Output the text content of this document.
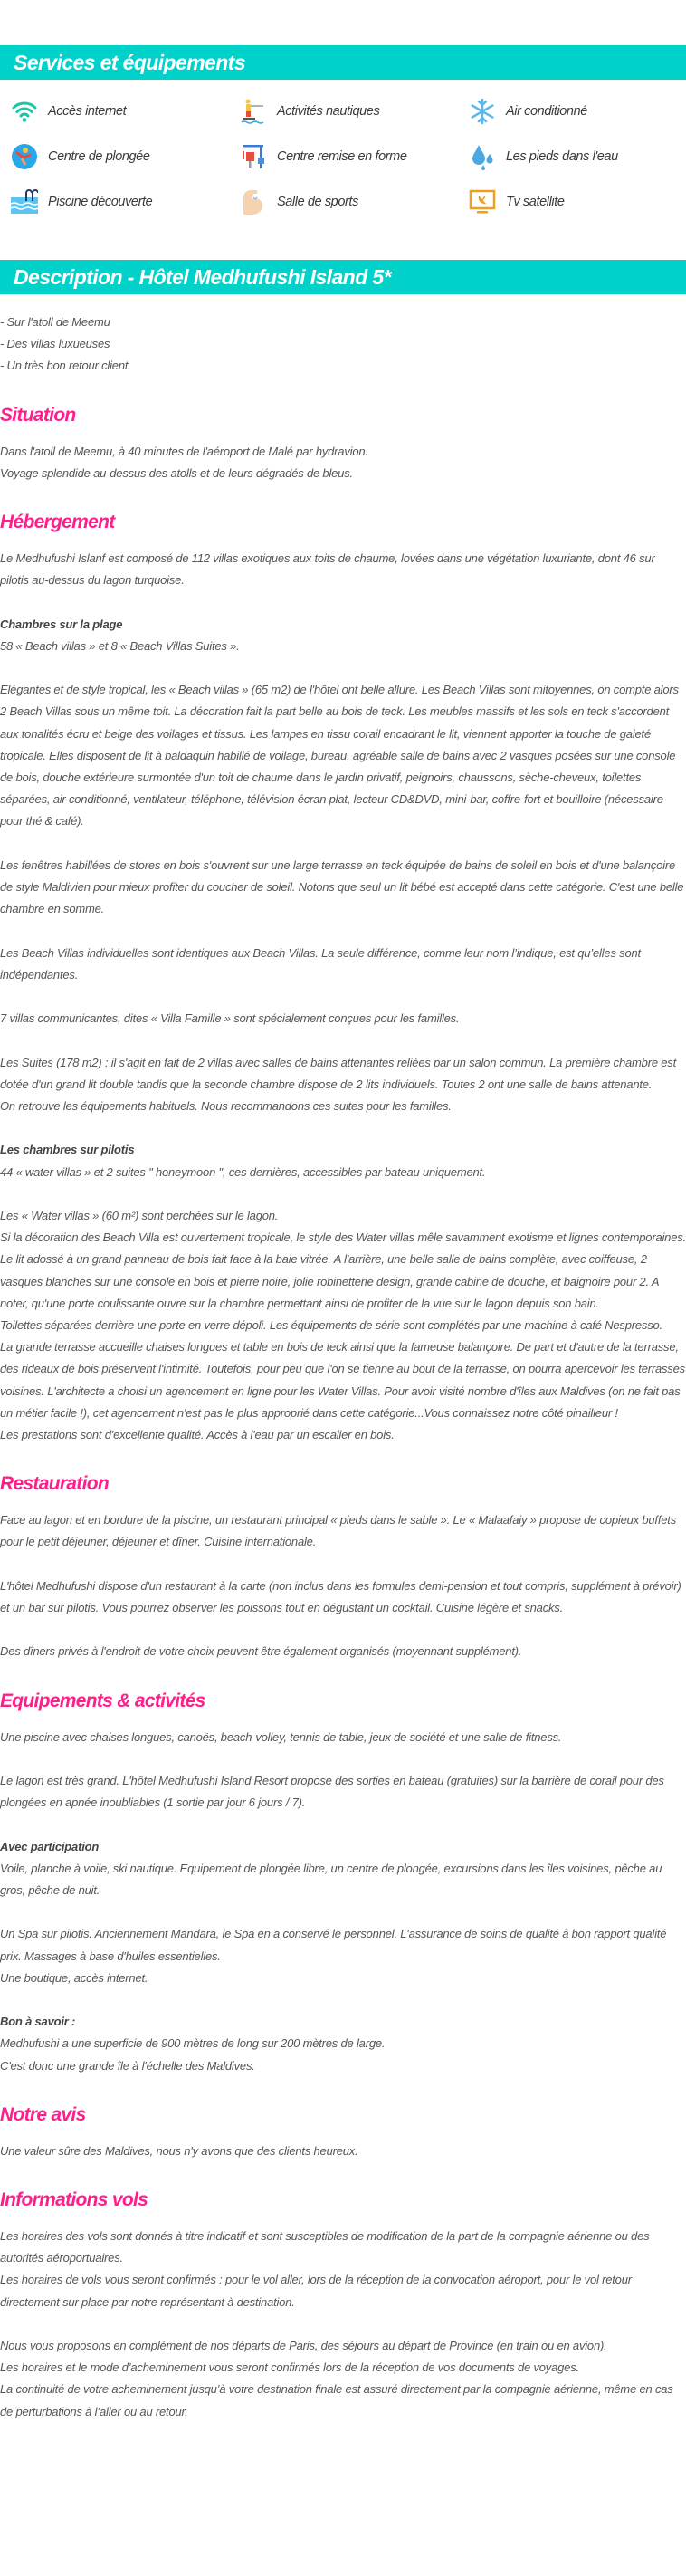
Services et équipements
Accès internet	Activités nautiques	Air conditionné
Centre de plongée	Centre remise en forme	Les pieds dans l'eau
Piscine découverte	Salle de sports	Tv satellite
Description - Hôtel Medhufushi Island 5*
- Sur l'atoll de Meemu
- Des villas luxueuses
- Un très bon retour client
Situation
Dans l'atoll de Meemu, à 40 minutes de l'aéroport de Malé par hydravion.
Voyage splendide au-dessus des atolls et de leurs dégradés de bleus.
Hébergement
Le Medhufushi Islanf est composé de 112 villas exotiques aux toits de chaume, lovées dans une végétation luxuriante, dont 46 sur pilotis au-dessus du lagon turquoise.
Chambres sur la plage
58 « Beach villas » et 8 « Beach Villas Suites ».
Elégantes et de style tropical, les « Beach villas » (65 m2) de l'hôtel ont belle allure. Les Beach Villas sont mitoyennes, on compte alors 2 Beach Villas sous un même toit. La décoration fait la part belle au bois de teck. Les meubles massifs et les sols en teck s'accordent aux tonalités écru et beige des voilages et tissus. Les lampes en tissu corail encadrant le lit, viennent apporter la touche de gaieté tropicale. Elles disposent de lit à baldaquin habillé de voilage, bureau, agréable salle de bains avec 2 vasques posées sur une console de bois, douche extérieure surmontée d'un toit de chaume dans le jardin privatif, peignoirs, chaussons, sèche-cheveux, toilettes séparées, air conditionné, ventilateur, téléphone, télévision écran plat, lecteur CD&DVD, mini-bar, coffre-fort et bouilloire (nécessaire pour thé & café).
Les fenêtres habillées de stores en bois s'ouvrent sur une large terrasse en teck équipée de bains de soleil en bois et d'une balançoire de style Maldivien pour mieux profiter du coucher de soleil. Notons que seul un lit bébé est accepté dans cette catégorie. C'est une belle chambre en somme.
Les Beach Villas individuelles sont identiques aux Beach Villas. La seule différence, comme leur nom l’indique, est qu’elles sont indépendantes.
7 villas communicantes, dites « Villa Famille » sont spécialement conçues pour les familles.
Les Suites (178 m2) : il s'agit en fait de 2 villas avec salles de bains attenantes reliées par un salon commun. La première chambre est dotée d'un grand lit double tandis que la seconde chambre dispose de 2 lits individuels. Toutes 2 ont une salle de bains attenante.
On retrouve les équipements habituels. Nous recommandons ces suites pour les familles.
Les chambres sur pilotis
44 « water villas » et 2 suites " honeymoon ", ces dernières, accessibles par bateau uniquement.
Les « Water villas » (60 m²) sont perchées sur le lagon.
Si la décoration des Beach Villa est ouvertement tropicale, le style des Water villas mêle savamment exotisme et lignes contemporaines. Le lit adossé à un grand panneau de bois fait face à la baie vitrée. A l'arrière, une belle salle de bains complète, avec coiffeuse, 2 vasques blanches sur une console en bois et pierre noire, jolie robinetterie design, grande cabine de douche, et baignoire pour 2. A noter, qu'une porte coulissante ouvre sur la chambre permettant ainsi de profiter de la vue sur le lagon depuis son bain.
Toilettes séparées derrière une porte en verre dépoli. Les équipements de série sont complétés par une machine à café Nespresso.
La grande terrasse accueille chaises longues et table en bois de teck ainsi que la fameuse balançoire. De part et d'autre de la terrasse, des rideaux de bois préservent l'intimité. Toutefois, pour peu que l'on se tienne au bout de la terrasse, on pourra apercevoir les terrasses voisines. L'architecte a choisi un agencement en ligne pour les Water Villas. Pour avoir visité nombre d'îles aux Maldives (on ne fait pas un métier facile !), cet agencement n'est pas le plus approprié dans cette catégorie...Vous connaissez notre côté pinailleur !
Les prestations sont d'excellente qualité. Accès à l'eau par un escalier en bois.
Restauration
Face au lagon et en bordure de la piscine, un restaurant principal « pieds dans le sable ». Le « Malaafaiy » propose de copieux buffets pour le petit déjeuner, déjeuner et dîner. Cuisine internationale.
L'hôtel Medhufushi dispose d'un restaurant à la carte (non inclus dans les formules demi-pension et tout compris, supplément à prévoir) et un bar sur pilotis. Vous pourrez observer les poissons tout en dégustant un cocktail. Cuisine légère et snacks.
Des dîners privés à l'endroit de votre choix peuvent être également organisés (moyennant supplément).
Equipements & activités
Une piscine avec chaises longues, canoës, beach-volley, tennis de table, jeux de société et une salle de fitness.
Le lagon est très grand. L'hôtel Medhufushi Island Resort propose des sorties en bateau (gratuites) sur la barrière de corail pour des plongées en apnée inoubliables (1 sortie par jour 6 jours / 7).
Avec participation
Voile, planche à voile, ski nautique. Equipement de plongée libre, un centre de plongée, excursions dans les îles voisines, pêche au gros, pêche de nuit.
Un Spa sur pilotis. Anciennement Mandara, le Spa en a conservé le personnel. L'assurance de soins de qualité à bon rapport qualité prix. Massages à base d'huiles essentielles.
Une boutique, accès internet.
Bon à savoir :
Medhufushi a une superficie de 900 mètres de long sur 200 mètres de large.
C'est donc une grande île à l'échelle des Maldives.
Notre avis
Une valeur sûre des Maldives, nous n'y avons que des clients heureux.
Informations vols
Les horaires des vols sont donnés à titre indicatif et sont susceptibles de modification de la part de la compagnie aérienne ou des autorités aéroportuaires.
Les horaires de vols vous seront confirmés : pour le vol aller, lors de la réception de la convocation aéroport, pour le vol retour directement sur place par notre représentant à destination.
Nous vous proposons en complément de nos départs de Paris, des séjours au départ de Province (en train ou en avion).
Les horaires et le mode d’acheminement vous seront confirmés lors de la réception de vos documents de voyages.
La continuité de votre acheminement jusqu’à votre destination finale est assuré directement par la compagnie aérienne, même en cas de perturbations à l’aller ou au retour.
